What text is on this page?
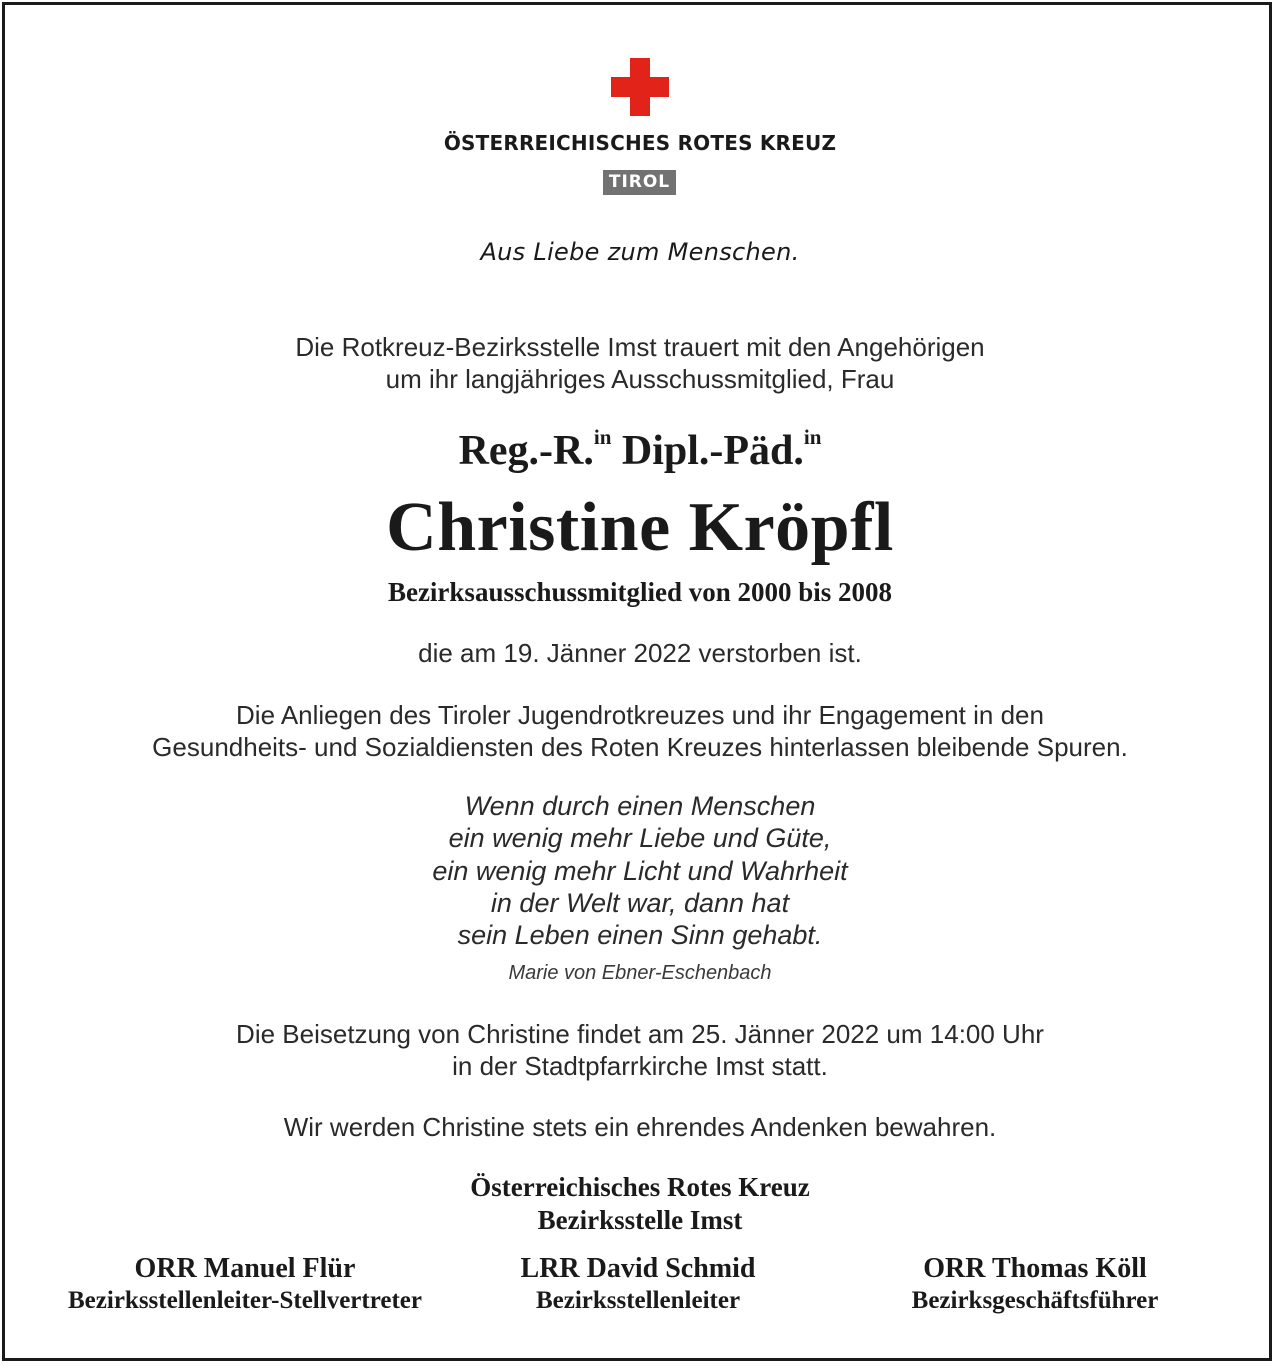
ÖSTERREICHISCHES ROTES KREUZ
TIROL
Aus Liebe zum Menschen.
Die Rotkreuz-Bezirksstelle Imst trauert mit den Angehörigen
um ihr langjähriges Ausschussmitglied, Frau
Reg.-R.$^{in}$ Dipl.-Päd.$^{in}$
Christine Kröpfl
Bezirksausschussmitglied von 2000 bis 2008
die am 19. Jänner 2022 verstorben ist.
Die Anliegen des Tiroler Jugendrotkreuzes und ihr Engagement in den
Gesundheits- und Sozialdiensten des Roten Kreuzes hinterlassen bleibende Spuren.
Wenn durch einen Menschen
ein wenig mehr Liebe und Güte,
ein wenig mehr Licht und Wahrheit
in der Welt war, dann hat
sein Leben einen Sinn gehabt.
Marie von Ebner-Eschenbach
Die Beisetzung von Christine findet am 25. Jänner 2022 um 14:00 Uhr
in der Stadtpfarrkirche Imst statt.
Wir werden Christine stets ein ehrendes Andenken bewahren.
Österreichisches Rotes Kreuz
Bezirksstelle Imst
ORR Manuel Flür
Bezirksstellenleiter-Stellvertreter
LRR David Schmid
Bezirksstellenleiter
ORR Thomas Köll
Bezirksgeschäftsführer
